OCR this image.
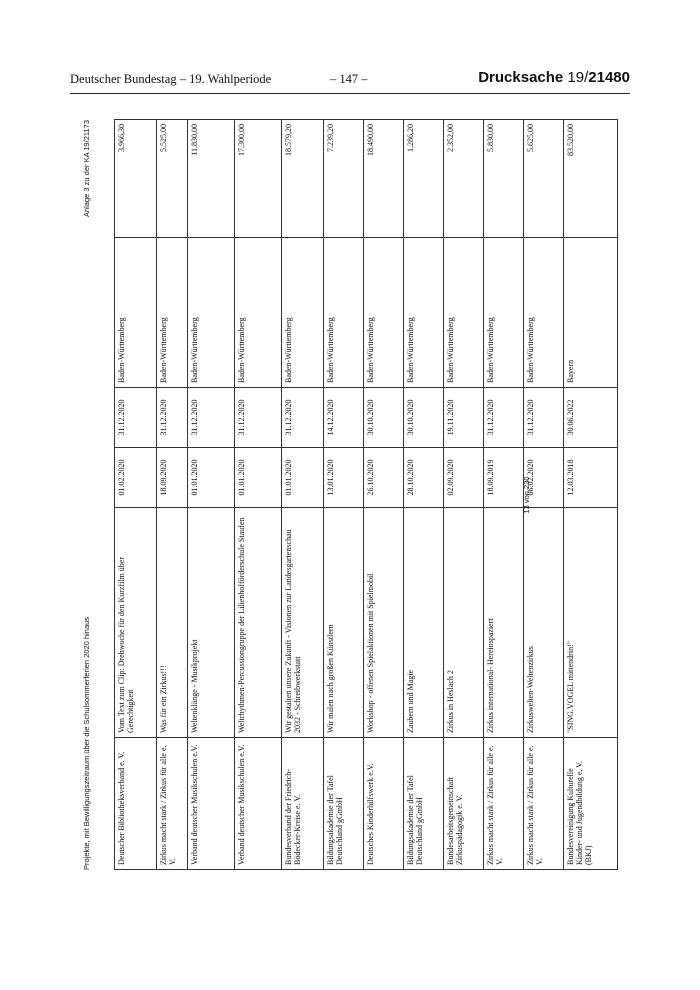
Deutscher Bundestag – 19. Wahlperiode	– 147 –	Drucksache 19/21480
Projekte, mit Bewilligungszeitraum über die Schulsommerferien 2020 hinaus
Anlage 3 zu der KA 19/21173
Deutscher Bibliotheksverband e. V.	Vom Text zum Clip: Drehwoche für den Kurzfilm über Gerechtigkeit	01.02.2020	31.12.2020	Baden-Württemberg	3.966,30
Zirkus macht stark / Zirkus für alle e. V.	Was für ein Zirkus!!!	18.09.2020	31.12.2020	Baden-Württemberg	5.525,00
Verband deutscher Musikschulen e.V.	Weltenklänge - Musikprojekt	01.01.2020	31.12.2020	Baden-Württemberg	11.830,00
Verband deutscher Musikschulen e.V.	Weltrhythmen-Percussiongruppe der Lilienhofförderschule Staufen	01.01.2020	31.12.2020	Baden-Württemberg	17.300,00
Bundesverband der Friedrich-Bödecker-Kreise e. V.	Wir gestalten unsere Zukunft - Visionen zur Landesgartenschau 2032 - Schreibwerkstatt	01.01.2020	31.12.2020	Baden-Württemberg	18.579,20
Bildungsakademie der Tafel Deutschland gGmbH	Wir malen nach großen Künstlern	13.01.2020	14.12.2020	Baden-Württemberg	7.239,20
Deutsches Kinderhilfswerk e.V.	Workshop - offenen Spielaktionen mit Spielmobil	26.10.2020	30.10.2020	Baden-Württemberg	18.490,00
Bildungsakademie der Tafel Deutschland gGmbH	Zaubern und Magie	28.10.2020	30.10.2020	Baden-Württemberg	1.286,20
Bundesarbeitsgemeinschaft Zirkuspädagogik e. V.	Zirkus in Heslach 2	02.09.2020	19.11.2020	Baden-Württemberg	2.352,00
Zirkus macht stark / Zirkus für alle e. V.	Zirkus international- Hereinspaziert	18.09.2019	31.12.2020	Baden-Württemberg	5.830,00
Zirkus macht stark / Zirkus für alle e. V.	Zirkuswelten-Weltenzirkus	06.02.2020	31.12.2020	Baden-Württemberg	5.625,00
Bundesvereinigung Kulturelle Kinder- und Jugendbildung e. V. (BKJ)	"SING.VOGEL mittendrin!"	12.03.2018	30.06.2022	Bayern	83.520,00
13 von 230
